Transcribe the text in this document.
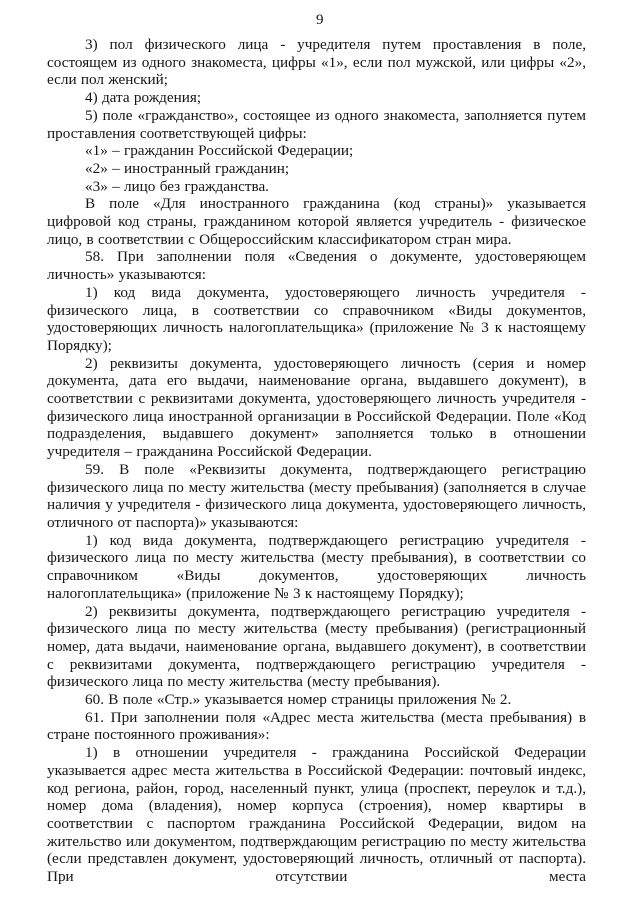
9

3) пол физического лица - учредителя путем проставления в поле, состоящем из одного знакоместа, цифры «1», если пол мужской, или цифры «2», если пол женский;

4) дата рождения;

5) поле «гражданство», состоящее из одного знакоместа, заполняется путем проставления соответствующей цифры:

«1» – гражданин Российской Федерации;

«2» – иностранный гражданин;

«3» – лицо без гражданства.

В поле «Для иностранного гражданина (код страны)» указывается цифровой код страны, гражданином которой является учредитель - физическое лицо, в соответствии с Общероссийским классификатором стран мира.

58. При заполнении поля «Сведения о документе, удостоверяющем личность» указываются:

1) код вида документа, удостоверяющего личность учредителя - физического лица, в соответствии со справочником «Виды документов, удостоверяющих личность налогоплательщика» (приложение № 3 к настоящему Порядку);

2) реквизиты документа, удостоверяющего личность (серия и номер документа, дата его выдачи, наименование органа, выдавшего документ), в соответствии с реквизитами документа, удостоверяющего личность учредителя - физического лица иностранной организации в Российской Федерации. Поле «Код подразделения, выдавшего документ» заполняется только в отношении учредителя – гражданина Российской Федерации.

59. В поле «Реквизиты документа, подтверждающего регистрацию физического лица по месту жительства (месту пребывания) (заполняется в случае наличия у учредителя - физического лица документа, удостоверяющего личность, отличного от паспорта)» указываются:

1) код вида документа, подтверждающего регистрацию учредителя - физического лица по месту жительства (месту пребывания), в соответствии со справочником «Виды документов, удостоверяющих личность налогоплательщика» (приложение № 3 к настоящему Порядку);

2) реквизиты документа, подтверждающего регистрацию учредителя - физического лица по месту жительства (месту пребывания) (регистрационный номер, дата выдачи, наименование органа, выдавшего документ), в соответствии с реквизитами документа, подтверждающего регистрацию учредителя - физического лица по месту жительства (месту пребывания).

60. В поле «Стр.» указывается номер страницы приложения № 2.

61. При заполнении поля «Адрес места жительства (места пребывания) в стране постоянного проживания»:

1) в отношении учредителя - гражданина Российской Федерации указывается адрес места жительства в Российской Федерации: почтовый индекс, код региона, район, город, населенный пункт, улица (проспект, переулок и т.д.), номер дома (владения), номер корпуса (строения), номер квартиры в соответствии с паспортом гражданина Российской Федерации, видом на жительство или документом, подтверждающим регистрацию по месту жительства (если представлен документ, удостоверяющий личность, отличный от паспорта). При отсутствии места
